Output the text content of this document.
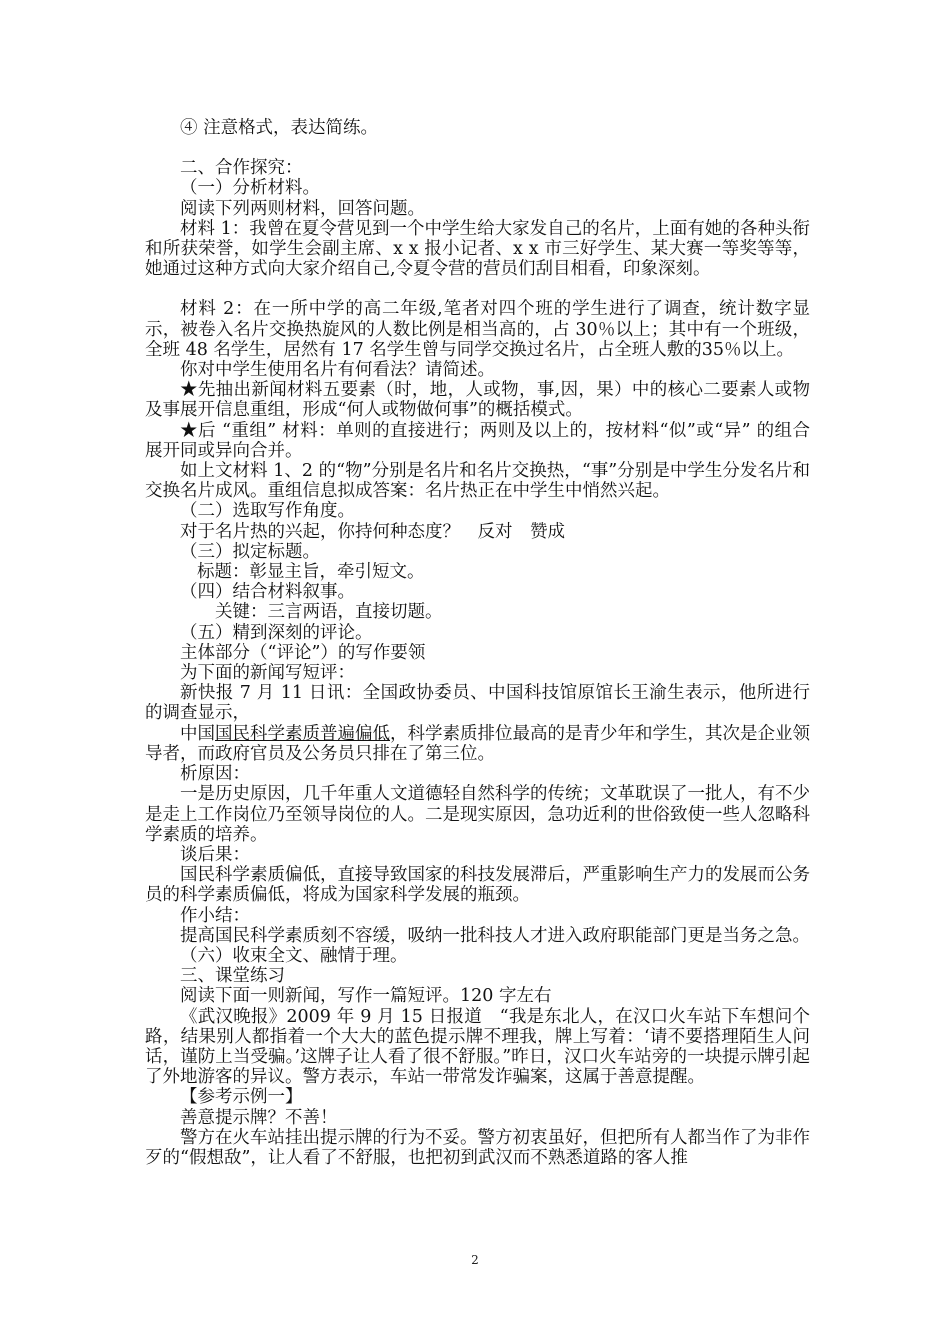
④ 注意格式，表达简练。

二、合作探究：

（一）分析材料。

阅读下列两则材料，回答问题。

材料 1：我曾在夏令营见到一个中学生给大家发自己的名片，上面有她的各种头衔和所获荣誉，如学生会副主席、x x 报小记者、x x 市三好学生、某大赛一等奖等等，她通过这种方式向大家介绍自己,令夏令营的营员们刮目相看，印象深刻。

材料 2：在一所中学的高二年级,笔者对四个班的学生进行了调查，统计数字显示，被卷入名片交换热旋风的人数比例是相当高的，占 30％以上；其中有一个班级，全班 48 名学生，居然有 17 名学生曾与同学交换过名片，占全班人敷的35％以上。

你对中学生使用名片有何看法？请简述。

★先抽出新闻材料五要素（时，地，人或物，事,因，果）中的核心二要素人或物及事展开信息重组，形成“何人或物做何事”的概括模式。

★后 “重组” 材料：单则的直接进行；两则及以上的，按材料“似”或“异” 的组合展开同或异向合并。

如上文材料 1、2 的“物”分别是名片和名片交换热，“事”分别是中学生分发名片和交换名片成风。重组信息拟成答案：名片热正在中学生中悄然兴起。

（二）选取写作角度。

对于名片热的兴起，你持何种态度？　反对　赞成

（三）拟定标题。

标题：彰显主旨，牵引短文。

（四）结合材料叙事。

关键：三言两语，直接切题。

（五）精到深刻的评论。

主体部分（“评论”）的写作要领

为下面的新闻写短评：

新快报 7 月 11 日讯：全国政协委员、中国科技馆原馆长王渝生表示，他所进行的调查显示，

中国国民科学素质普遍偏低，科学素质排位最高的是青少年和学生，其次是企业领导者，而政府官员及公务员只排在了第三位。

析原因：

一是历史原因，几千年重人文道德轻自然科学的传统；文革耽误了一批人，有不少是走上工作岗位乃至领导岗位的人。二是现实原因，急功近利的世俗致使一些人忽略科学素质的培养。

谈后果：

国民科学素质偏低，直接导致国家的科技发展滞后，严重影响生产力的发展而公务员的科学素质偏低，将成为国家科学发展的瓶颈。

作小结：

提高国民科学素质刻不容缓，吸纳一批科技人才进入政府职能部门更是当务之急。

（六）收束全文、融情于理。

三、课堂练习

阅读下面一则新闻，写作一篇短评。120 字左右

《武汉晚报》2009 年 9 月 15 日报道　“我是东北人，在汉口火车站下车想问个路，结果别人都指着一个大大的蓝色提示牌不理我，牌上写着：‘请不要搭理陌生人问话，谨防上当受骗。’这牌子让人看了很不舒服。”昨日，汉口火车站旁的一块提示牌引起了外地游客的异议。警方表示，车站一带常发诈骗案，这属于善意提醒。

【参考示例一】

善意提示牌？不善！

警方在火车站挂出提示牌的行为不妥。警方初衷虽好，但把所有人都当作了为非作歹的“假想敌”，让人看了不舒服，也把初到武汉而不熟悉道路的客人推

2
